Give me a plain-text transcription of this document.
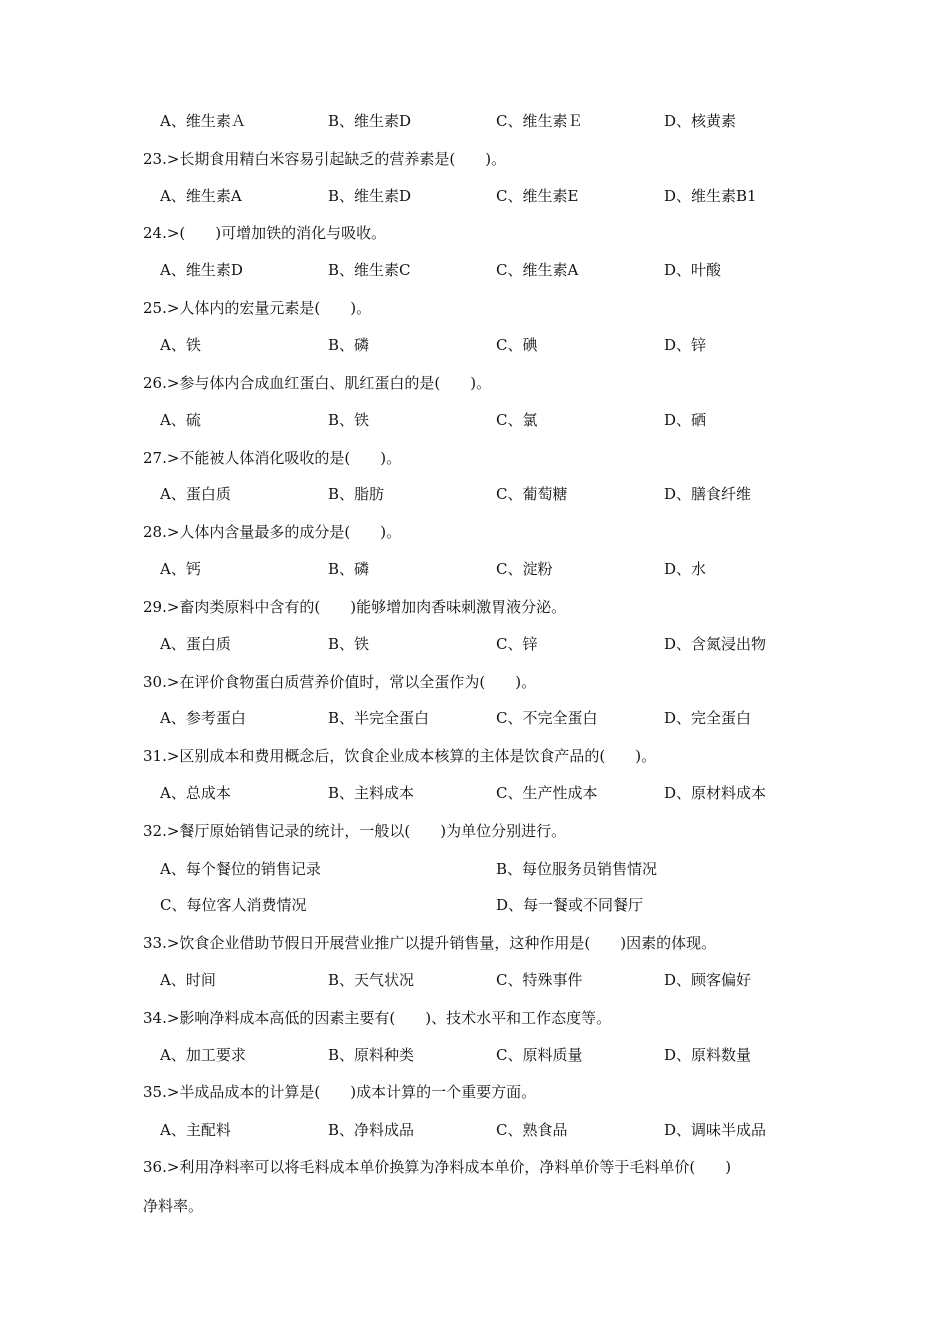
A、维生素Ａ	B、维生素D	C、维生素Ｅ	D、核黄素
23.>长期食用精白米容易引起缺乏的营养素是(　　)。
A、维生素A	B、维生素D	C、维生素E	D、维生素B1
24.>(　　)可增加铁的消化与吸收。
A、维生素D	B、维生素C	C、维生素A	D、叶酸
25.>人体内的宏量元素是(　　)。
A、铁	B、磷	C、碘	D、锌
26.>参与体内合成血红蛋白、肌红蛋白的是(　　)。
A、硫	B、铁	C、氯	D、硒
27.>不能被人体消化吸收的是(　　)。
A、蛋白质	B、脂肪	C、葡萄糖	D、膳食纤维
28.>人体内含量最多的成分是(　　)。
A、钙	B、磷	C、淀粉	D、水
29.>畜肉类原料中含有的(　　)能够增加肉香味刺激胃液分泌。
A、蛋白质	B、铁	C、锌	D、含氮浸出物
30.>在评价食物蛋白质营养价值时，常以全蛋作为(　　)。
A、参考蛋白	B、半完全蛋白	C、不完全蛋白	D、完全蛋白
31.>区别成本和费用概念后，饮食企业成本核算的主体是饮食产品的(　　)。
A、总成本	B、主料成本	C、生产性成本	D、原材料成本
32.>餐厅原始销售记录的统计，一般以(　　)为单位分别进行。
A、每个餐位的销售记录	B、每位服务员销售情况
C、每位客人消费情况	D、每一餐或不同餐厅
33.>饮食企业借助节假日开展营业推广以提升销售量，这种作用是(　　)因素的体现。
A、时间	B、天气状况	C、特殊事件	D、顾客偏好
34.>影响净料成本高低的因素主要有(　　)、技术水平和工作态度等。
A、加工要求	B、原料种类	C、原料质量	D、原料数量
35.>半成品成本的计算是(　　)成本计算的一个重要方面。
A、主配料	B、净料成品	C、熟食品	D、调味半成品
36.>利用净料率可以将毛料成本单价换算为净料成本单价，净料单价等于毛料单价(　　)
净料率。
